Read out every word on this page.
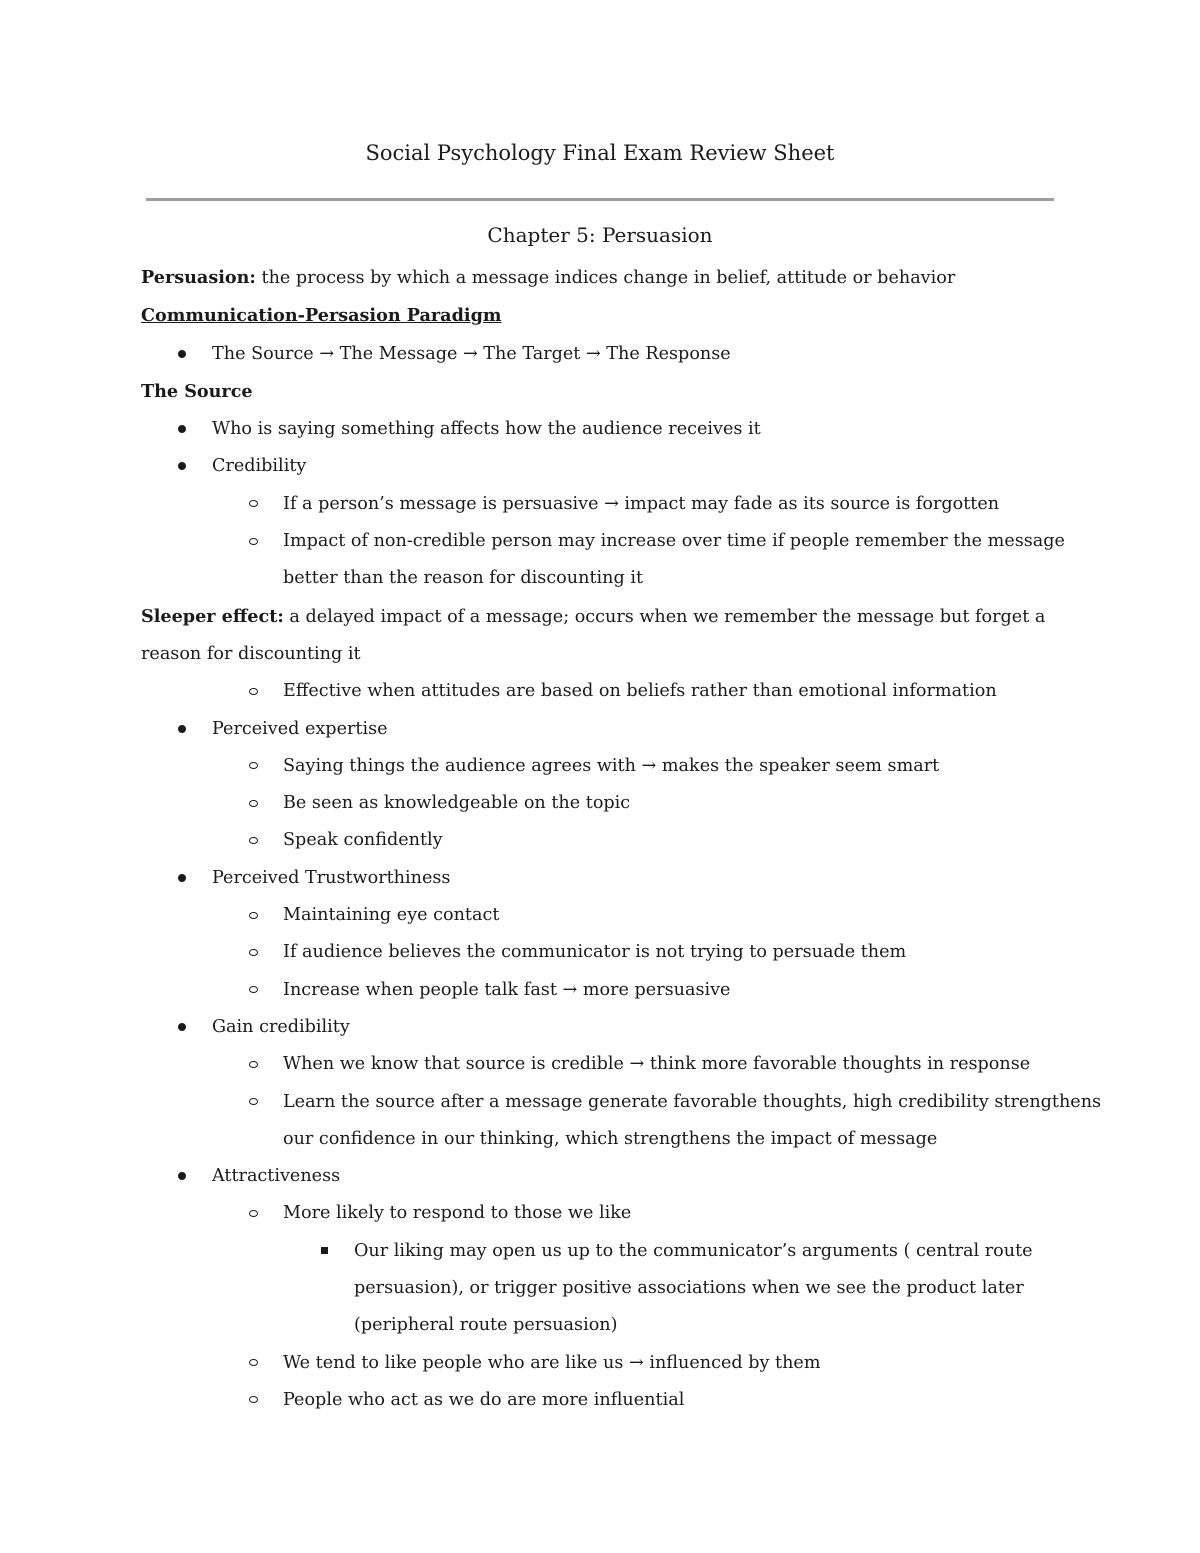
Social Psychology Final Exam Review Sheet
Chapter 5: Persuasion
Persuasion: the process by which a message indices change in belief, attitude or behavior
Communication-Persasion Paradigm
The Source → The Message → The Target → The Response
The Source
Who is saying something affects how the audience receives it
Credibility
If a person’s message is persuasive → impact may fade as its source is forgotten
Impact of non-credible person may increase over time if people remember the message
better than the reason for discounting it
Sleeper effect: a delayed impact of a message; occurs when we remember the message but forget a
reason for discounting it
Effective when attitudes are based on beliefs rather than emotional information
Perceived expertise
Saying things the audience agrees with → makes the speaker seem smart
Be seen as knowledgeable on the topic
Speak confidently
Perceived Trustworthiness
Maintaining eye contact
If audience believes the communicator is not trying to persuade them
Increase when people talk fast → more persuasive
Gain credibility
When we know that source is credible → think more favorable thoughts in response
Learn the source after a message generate favorable thoughts, high credibility strengthens
our confidence in our thinking, which strengthens the impact of message
Attractiveness
More likely to respond to those we like
Our liking may open us up to the communicator’s arguments ( central route
persuasion), or trigger positive associations when we see the product later
(peripheral route persuasion)
We tend to like people who are like us → influenced by them
People who act as we do are more influential
